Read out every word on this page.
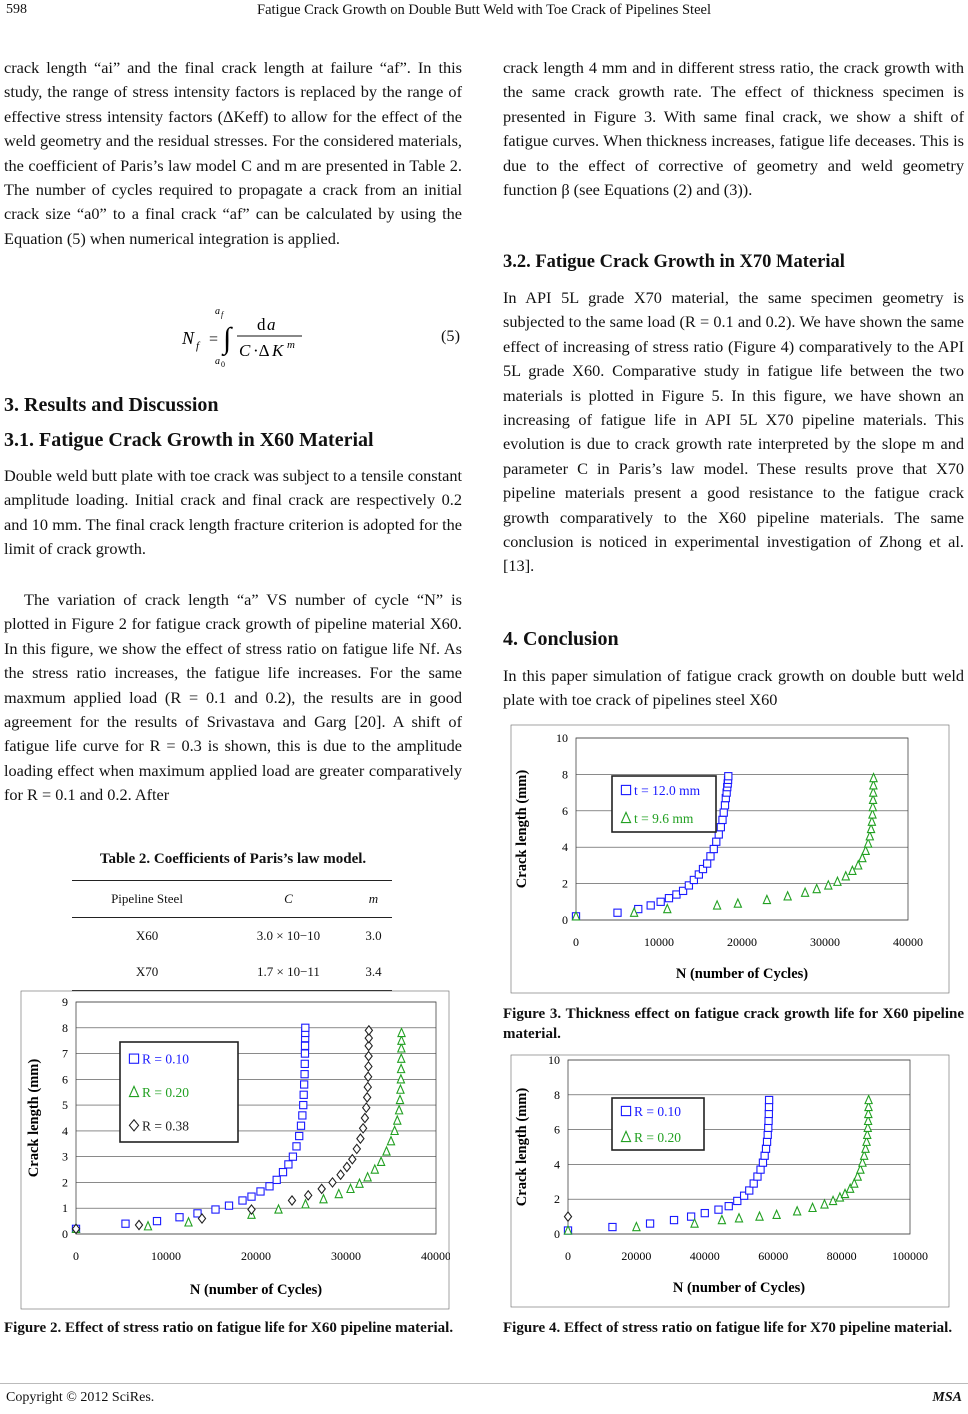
598	Fatigue Crack Growth on Double Butt Weld with Toe Crack of Pipelines Steel

crack length “ai” and the final crack length at failure “af”. In this study, the range of stress intensity factors is replaced by the range of effective stress intensity factors (ΔKeff) to allow for the effect of the weld geometry and the residual stresses. For the considered materials, the coefficient of Paris’s law model C and m are presented in Table 2. The number of cycles required to propagate a crack from an initial crack size “a0” to a final crack “af” can be calculated by using the Equation (5) when numerical integration is applied.

N f =
a f
∫
a 0
d a
C ·Δ K m	(5)
3. Results and Discussion
3.1. Fatigue Crack Growth in X60 Material

Double weld butt plate with toe crack was subject to a tensile constant amplitude loading. Initial crack and final crack are respectively 0.2 and 10 mm. The final crack length fracture criterion is adopted for the limit of crack growth.

The variation of crack length “a” VS number of cycle “N” is plotted in Figure 2 for fatigue crack growth of pipeline material X60. In this figure, we show the effect of stress ratio on fatigue life Nf. As the stress ratio increases, the fatigue life increases. For the same maxmum applied load (R = 0.1 and 0.2), the results are in good agreement for the results of Srivastava and Garg [20]. A shift of fatigue life curve for R = 0.3 is shown, this is due to the amplitude loading effect when maximum applied load are greater comparatively for R = 0.1 and 0.2. After

Table 2. Coefficients of Paris’s law model.
Pipeline Steel	C	m
X60	3.0 × 10−10	3.0
X70	1.7 × 10−11	3.4
0
1
2
3
4
5
6
7
8
9
0	10000	20000	30000	40000
N (number of Cycles)
Crack length (mm)	R = 0.10
R = 0.20
R = 0.38
Figure 2. Effect of stress ratio on fatigue life for X60 pipeline material.

crack length 4 mm and in different stress ratio, the crack growth with the same crack growth rate. The effect of thickness specimen is presented in Figure 3. With same final crack, we show a shift of fatigue curves. When thickness increases, fatigue life deceases. This is due to the effect of corrective of geometry and weld geometry function β (see Equations (2) and (3)).

3.2. Fatigue Crack Growth in X70 Material

In API 5L grade X70 material, the same specimen geometry is subjected to the same load (R = 0.1 and 0.2). We have shown the same effect of increasing of stress ratio (Figure 4) comparatively to the API 5L grade X60. Comparative study in fatigue life between the two materials is plotted in Figure 5. In this figure, we have shown an increasing of fatigue life in API 5L X70 pipeline materials. This evolution is due to crack growth rate interpreted by the slope m and parameter C in Paris’s law model. These results prove that X70 pipeline materials present a good resistance to the fatigue crack growth comparatively to the X60 pipeline materials. The same conclusion is noticed in experimental investigation of Zhong et al. [13].

4. Conclusion

In this paper simulation of fatigue crack growth on double butt weld plate with toe crack of pipelines steel X60

0
2
4
6
8
10
0	10000	20000	30000	40000
N (number of Cycles)
Crack length (mm)	t = 12.0 mm
t = 9.6 mm
Figure 3. Thickness effect on fatigue crack growth life for X60 pipeline material.
0
2
4
6
8
10
0	20000	40000	60000	80000	100000
N (number of Cycles)
Crack length (mm)	R = 0.10
R = 0.20
Figure 4. Effect of stress ratio on fatigue life for X70 pipeline material.
Copyright © 2012 SciRes.	MSA
